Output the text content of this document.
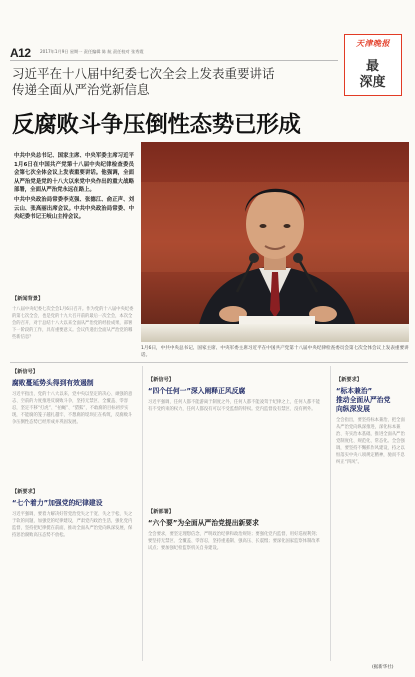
A12 2017年1月9日 星期一 责任编辑 陈 航 责任校对 张秀霞
天津晚报
最
深度
习近平在十八届中纪委七次全会上发表重要讲话
传递全面从严治党新信息
反腐败斗争压倒性态势已形成

中共中央总书记、国家主席、中央军委主席习近平1月6日在中国共产党第十八届中央纪律检查委员会第七次全体会议上发表重要讲话。他强调，全面从严治党是党的十八大以来党中央作出的重大战略部署，全面从严治党永远在路上。

中共中央政治局常委李克强、张德江、俞正声、刘云山、张高丽出席会议。中共中央政治局常委、中央纪委书记王岐山主持会议。

1月6日，中共中央总书记、国家主席、中央军委主席习近平在中国共产党第十八届中央纪律检查委员会第七次全体会议上发表重要讲话。
【新闻背景】
十八届中央纪委七次全会1月6日召开。作为党的十八届中央纪委的第七次全会，也是党的十九大召开前的最后一次全会，本次全会的召开，对于总结十八大以来全面从严治党的经验成果，部署下一阶段的工作，具有重要意义。会议传递出全面从严治党的哪些新信息？
【新信号】
腐败蔓延势头得到有效遏制
习近平指出，党的十八大以来，党中央以坚定的决心、顽强的意志、空前的力度推进反腐败斗争，坚持无禁区、全覆盖、零容忍，坚定不移“打虎”、“拍蝇”、“猎狐”，不敢腐的目标初步实现，不能腐的笼子越扎越牢，不想腐的堤坝正在构筑，反腐败斗争压倒性态势已经形成并巩固发展。
【新要求】
“七个着力”加强党的纪律建设
习近平强调，要着力解决好管党治党失之于宽、失之于松、失之于软的问题，加强党的纪律建设，严肃党内政治生活，强化党内监督，坚持把纪律挺在前面，推动全面从严治党向纵深发展，保持惩治腐败高压态势不放松。
【新信号】
“四个任何一”深入阐释正风反腐
习近平强调，任何人都不能游离于制度之外，任何人都不能凌驾于纪律之上，任何人都不能有不受约束的权力，任何人都没有可以不受监督的特权。党内监督没有禁区、没有例外。
【新部署】
“六个要”为全面从严治党提出新要求
全会要求，要坚定理想信念，严明政治纪律和政治规矩；要强化党内监督，用好巡视利剑；要坚持无禁区、全覆盖、零容忍，坚持重遏制、强高压、长震慑；要深化国家监察体制改革试点；要加强纪检监察机关自身建设。
【新要求】
“标本兼治”
推动全面从严治党
向纵深发展
全会指出，要坚持标本兼治，把全面从严治党向纵深推进，深化标本兼治、夯实治本基础，推进全面从严治党制度化、规范化、常态化。全会强调，要坚持不懈抓作风建设，持之以恒落实中央八项规定精神，驰而不息纠正“四风”。
(据新华社)
